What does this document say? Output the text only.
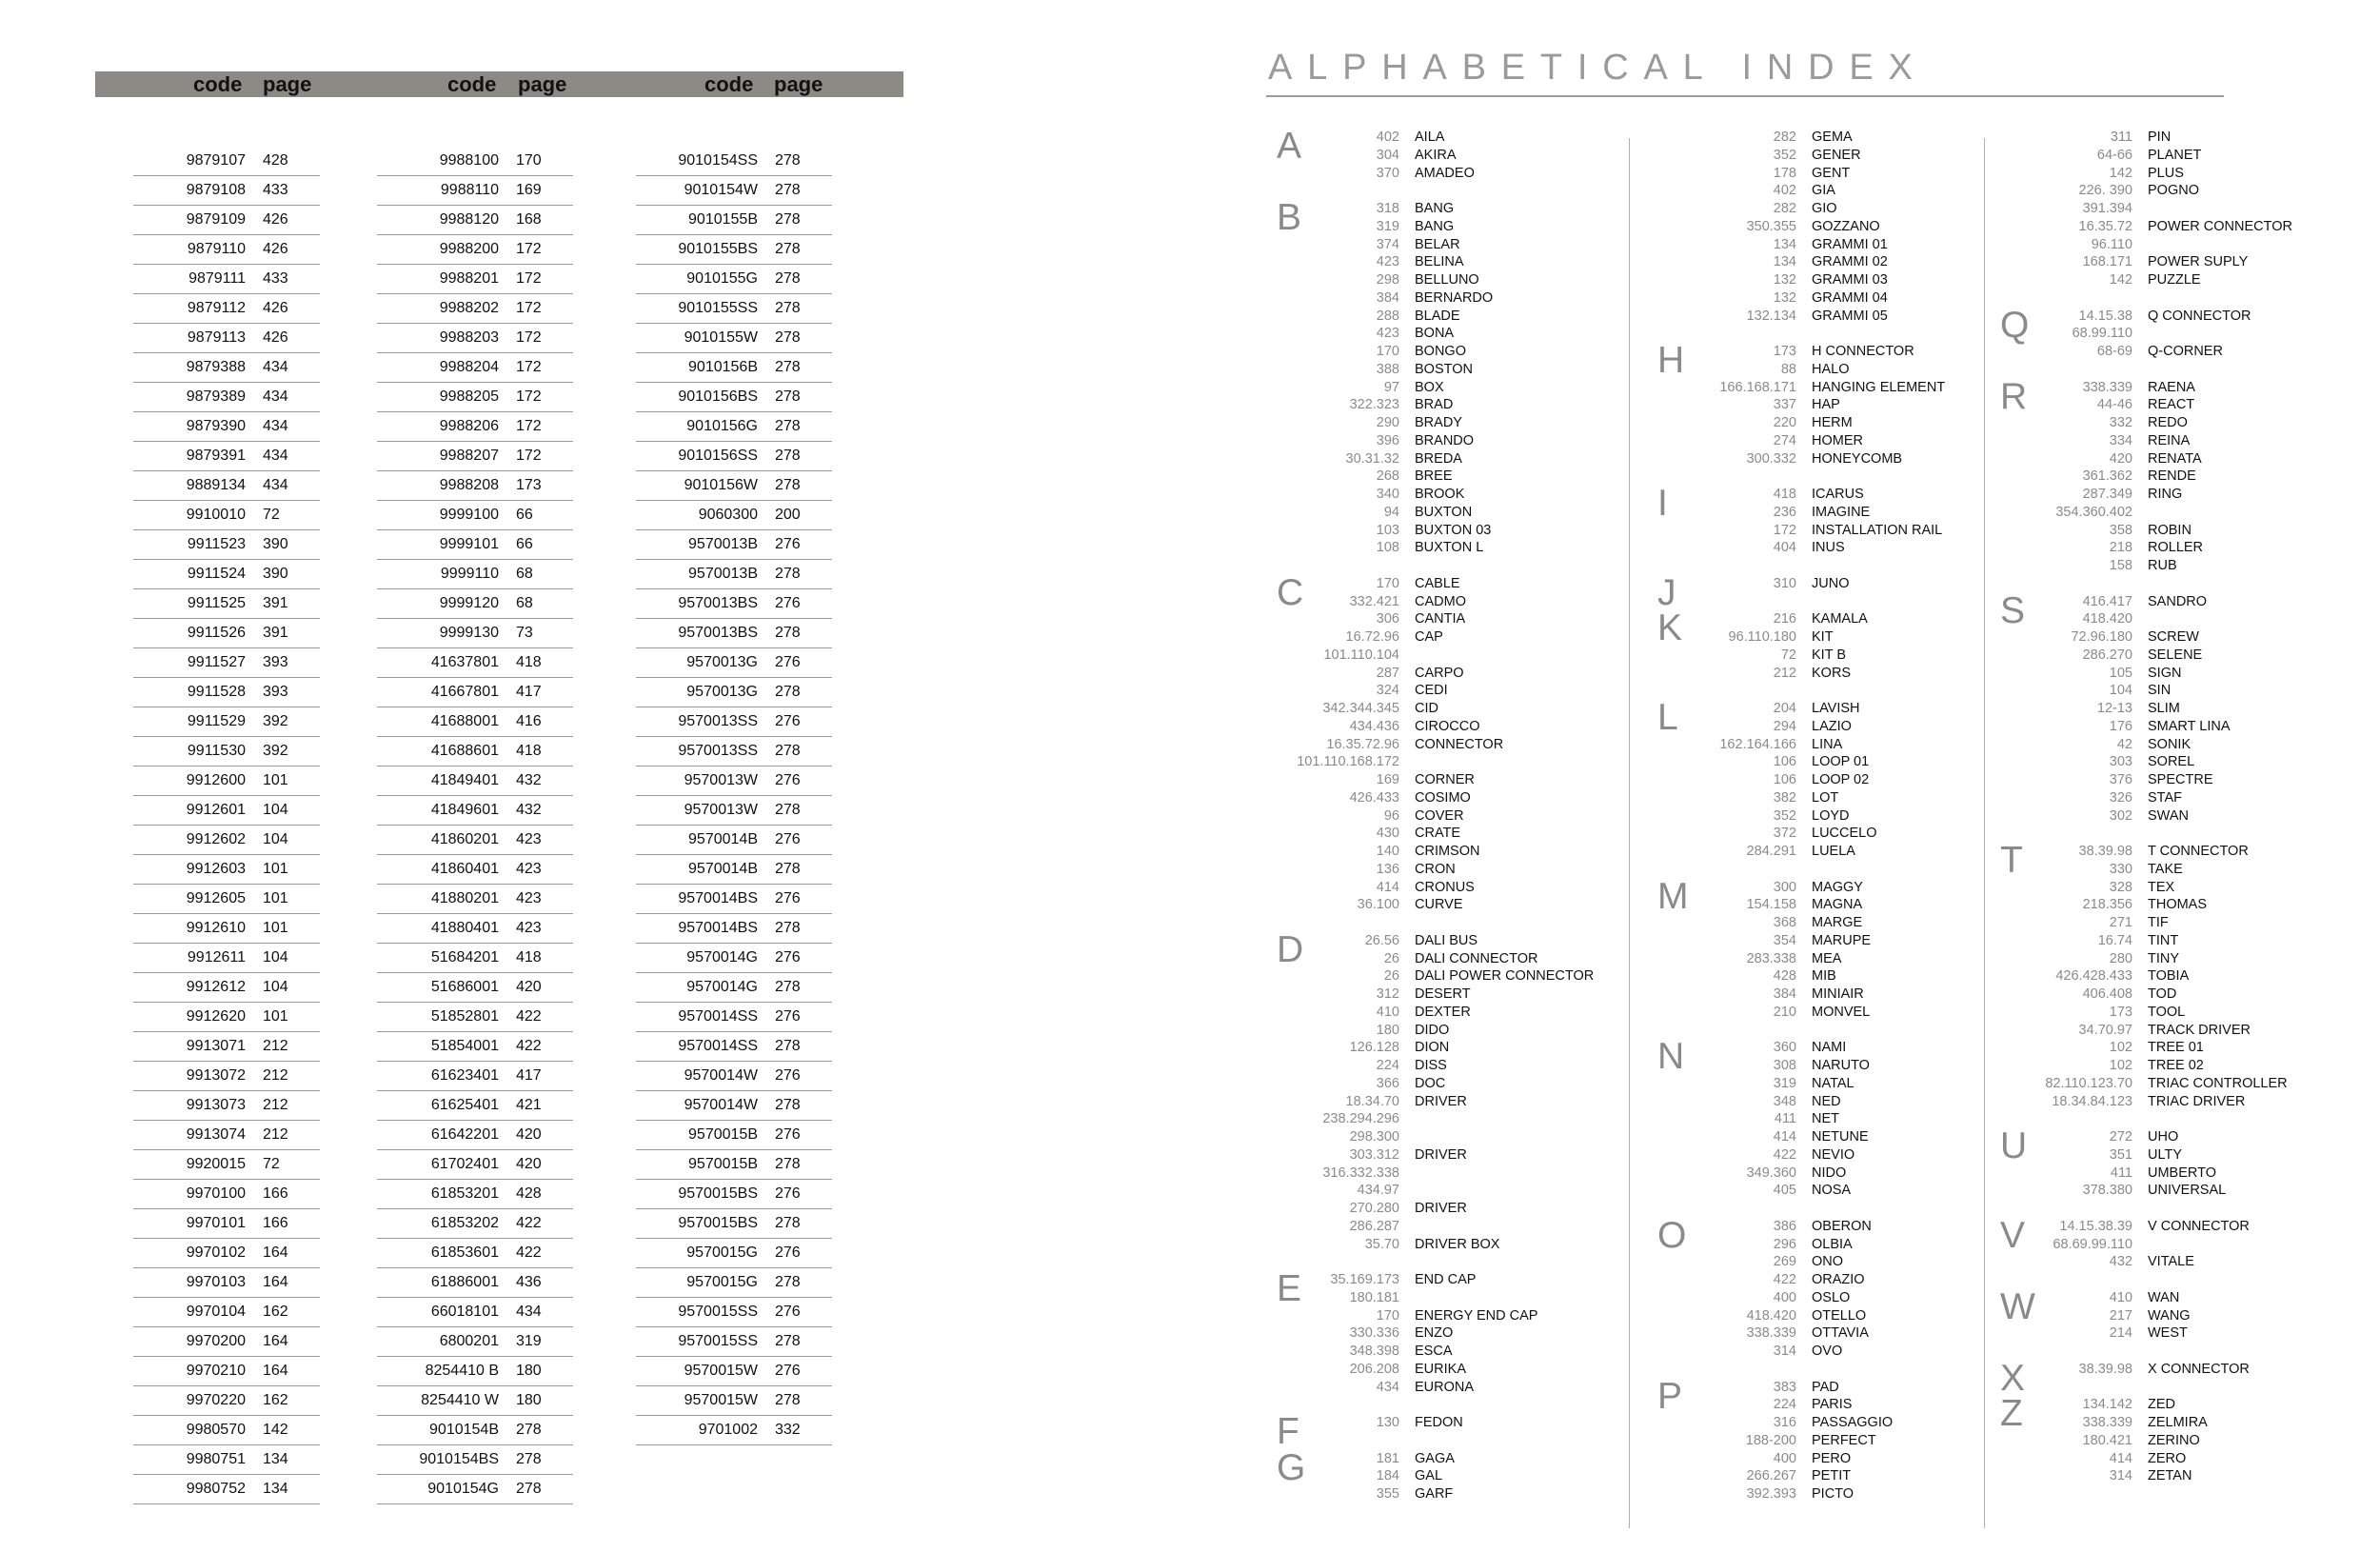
code page	code page	code page
9879107 428
9879108 433
9879109 426
9879110 426
9879111 433
9879112 426
9879113 426
9879388 434
9879389 434
9879390 434
9879391 434
9889134 434
9910010 72
9911523 390
9911524 390
9911525 391
9911526 391
9911527 393
9911528 393
9911529 392
9911530 392
9912600 101
9912601 104
9912602 104
9912603 101
9912605 101
9912610 101
9912611 104
9912612 104
9912620 101
9913071 212
9913072 212
9913073 212
9913074 212
9920015 72
9970100 166
9970101 166
9970102 164
9970103 164
9970104 162
9970200 164
9970210 164
9970220 162
9980570 142
9980751 134
9980752 134
9988100 170
9988110 169
9988120 168
9988200 172
9988201 172
9988202 172
9988203 172
9988204 172
9988205 172
9988206 172
9988207 172
9988208 173
9999100 66
9999101 66
9999110 68
9999120 68
9999130 73
41637801 418
41667801 417
41688001 416
41688601 418
41849401 432
41849601 432
41860201 423
41860401 423
41880201 423
41880401 423
51684201 418
51686001 420
51852801 422
51854001 422
61623401 417
61625401 421
61642201 420
61702401 420
61853201 428
61853202 422
61853601 422
61886001 436
66018101 434
6800201 319
8254410 B 180
8254410 W 180
9010154B 278
9010154BS 278
9010154G 278
9010154SS 278
9010154W 278
9010155B 278
9010155BS 278
9010155G 278
9010155SS 278
9010155W 278
9010156B 278
9010156BS 278
9010156G 278
9010156SS 278
9010156W 278
9060300 200
9570013B 276
9570013B 278
9570013BS 276
9570013BS 278
9570013G 276
9570013G 278
9570013SS 276
9570013SS 278
9570013W 276
9570013W 278
9570014B 276
9570014B 278
9570014BS 276
9570014BS 278
9570014G 276
9570014G 278
9570014SS 276
9570014SS 278
9570014W 276
9570014W 278
9570015B 276
9570015B 278
9570015BS 276
9570015BS 278
9570015G 276
9570015G 278
9570015SS 276
9570015SS 278
9570015W 276
9570015W 278
9701002 332
ALPHABETICAL INDEX
A	402 AILA
304 AKIRA
370 AMADEO
B	318 BANG
319 BANG
374 BELAR
423 BELINA
298 BELLUNO
384 BERNARDO
288 BLADE
423 BONA
170 BONGO
388 BOSTON
97 BOX
322.323 BRAD
290 BRADY
396 BRANDO
30.31.32 BREDA
268 BREE
340 BROOK
94 BUXTON
103 BUXTON 03
108 BUXTON L
C	170 CABLE
332.421 CADMO
306 CANTIA
16.72.96 CAP
101.110.104
287 CARPO
324 CEDI
342.344.345 CID
434.436 CIROCCO
16.35.72.96 CONNECTOR
101.110.168.172
169 CORNER
426.433 COSIMO
96 COVER
430 CRATE
140 CRIMSON
136 CRON
414 CRONUS
36.100 CURVE
D	26.56 DALI BUS
26 DALI CONNECTOR
26 DALI POWER CONNECTOR
312 DESERT
410 DEXTER
180 DIDO
126.128 DION
224 DISS
366 DOC
18.34.70 DRIVER
238.294.296
298.300
303.312 DRIVER
316.332.338
434.97
270.280 DRIVER
286.287
35.70 DRIVER BOX
E 35.169.173 END CAP
180.181
170 ENERGY END CAP
330.336 ENZO
348.398 ESCA
206.208 EURIKA
434 EURONA
F	130 FEDON
G	181 GAGA
184 GAL
355 GARF
282 GEMA
352 GENER
178 GENT
402 GIA
282 GIO
350.355 GOZZANO
134 GRAMMI 01
134 GRAMMI 02
132 GRAMMI 03
132 GRAMMI 04
132.134 GRAMMI 05
H	173 H CONNECTOR
88 HALO
166.168.171 HANGING ELEMENT
337 HAP
220 HERM
274 HOMER
300.332 HONEYCOMB
I	418 ICARUS
236 IMAGINE
172 INSTALLATION RAIL
404 INUS
J	310 JUNO
K	216 KAMALA
96.110.180 KIT
72 KIT B
212 KORS
L	204 LAVISH
294 LAZIO
162.164.166 LINA
106 LOOP 01
106 LOOP 02
382 LOT
352 LOYD
372 LUCCELO
284.291 LUELA
M	300 MAGGY
154.158 MAGNA
368 MARGE
354 MARUPE
283.338 MEA
428 MIB
384 MINIAIR
210 MONVEL
N	360 NAMI
308 NARUTO
319 NATAL
348 NED
411 NET
414 NETUNE
422 NEVIO
349.360 NIDO
405 NOSA
O	386 OBERON
296 OLBIA
269 ONO
422 ORAZIO
400 OSLO
418.420 OTELLO
338.339 OTTAVIA
314 OVO
P	383 PAD
224 PARIS
316 PASSAGGIO
188-200 PERFECT
400 PERO
266.267 PETIT
392.393 PICTO
311 PIN
64-66 PLANET
142 PLUS
226. 390 POGNO
391.394
16.35.72 POWER CONNECTOR
96.110
168.171 POWER SUPLY
142 PUZZLE
Q	14.15.38 Q CONNECTOR
68.99.110
68-69 Q-CORNER
R	338.339 RAENA
44-46 REACT
332 REDO
334 REINA
420 RENATA
361.362 RENDE
287.349 RING
354.360.402
358 ROBIN
218 ROLLER
158 RUB
S	416.417 SANDRO
418.420
72.96.180 SCREW
286.270 SELENE
105 SIGN
104 SIN
12-13 SLIM
176 SMART LINA
42 SONIK
303 SOREL
376 SPECTRE
326 STAF
302 SWAN
T	38.39.98 T CONNECTOR
330 TAKE
328 TEX
218.356 THOMAS
271 TIF
16.74 TINT
280 TINY
426.428.433 TOBIA
406.408 TOD
173 TOOL
34.70.97 TRACK DRIVER
102 TREE 01
102 TREE 02
82.110.123.70 TRIAC CONTROLLER
18.34.84.123 TRIAC DRIVER
U	272 UHO
351 ULTY
411 UMBERTO
378.380 UNIVERSAL
V	14.15.38.39 V CONNECTOR
68.69.99.110
432 VITALE
W	410 WAN
217 WANG
214 WEST
X	38.39.98 X CONNECTOR
Z	134.142 ZED
338.339 ZELMIRA
180.421 ZERINO
414 ZERO
314 ZETAN
